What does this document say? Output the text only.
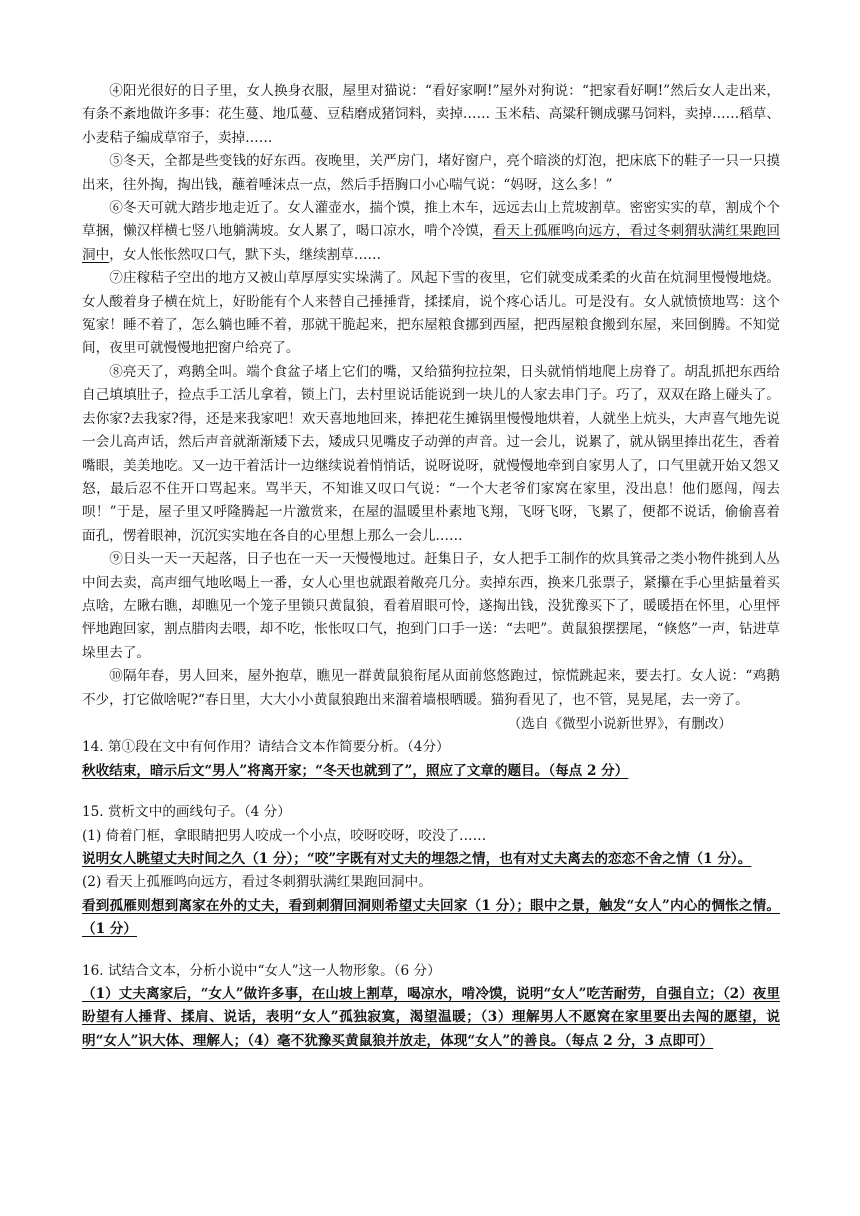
④阳光很好的日子里，女人换身衣服，屋里对猫说：“看好家啊!”屋外对狗说：“把家看好啊!”然后女人走出来，有条不紊地做许多事：花生蔓、地瓜蔓、豆秸磨成猪饲料，卖掉…… 玉米秸、高粱秆铡成骡马饲料，卖掉……稻草、小麦秸子编成草帘子，卖掉……

⑤冬天，全都是些变钱的好东西。夜晚里，关严房门，堵好窗户，亮个暗淡的灯泡，把床底下的鞋子一只一只摸出来，往外掏，掏出钱，蘸着唾沫点一点，然后手捂胸口小心喘气说：“妈呀，这么多！”

⑥冬天可就大踏步地走近了。女人灌壶水，揣个馍，推上木车，远远去山上荒坡割草。密密实实的草，割成个个草捆，懒汉样横七竖八地躺满坡。女人累了，喝口凉水，啃个冷馍，看天上孤雁鸣向远方，看过冬刺猬驮满红果跑回洞中，女人怅怅然叹口气，默下头，继续割草……

⑦庄稼秸子空出的地方又被山草厚厚实实垛满了。风起下雪的夜里，它们就变成柔柔的火苗在炕洞里慢慢地烧。女人酸着身子横在炕上，好盼能有个人来替自己捶捶背，揉揉肩，说个疼心话儿。可是没有。女人就愤愤地骂：这个冤家！睡不着了，怎么躺也睡不着，那就干脆起来，把东屋粮食挪到西屋，把西屋粮食搬到东屋，来回倒腾。不知觉间，夜里可就慢慢地把窗户给亮了。

⑧亮天了，鸡鹅全叫。端个食盆子堵上它们的嘴，又给猫狗拉拉架，日头就悄悄地爬上房脊了。胡乱抓把东西给自己填填肚子，捡点手工活儿拿着，锁上门，去村里说话能说到一块儿的人家去串门子。巧了，双双在路上碰头了。去你家?去我家?得，还是来我家吧！欢天喜地地回来，捧把花生摊锅里慢慢地烘着，人就坐上炕头，大声喜气地先说一会儿高声话，然后声音就渐渐矮下去，矮成只见嘴皮子动弹的声音。过一会儿，说累了，就从锅里捧出花生，香着嘴眼，美美地吃。又一边干着活计一边继续说着悄悄话，说呀说呀，就慢慢地牵到自家男人了，口气里就开始又怨又怒，最后忍不住开口骂起来。骂半天，不知谁又叹口气说：“一个大老爷们家窝在家里，没出息！他们愿闯，闯去呗！”于是，屋子里又呼隆腾起一片激赏来，在屋的温暖里朴素地飞翔，飞呀飞呀，飞累了，便都不说话，偷偷喜着面孔，愣着眼神，沉沉实实地在各自的心里想上那么一会儿……

⑨日头一天一天起落，日子也在一天一天慢慢地过。赶集日子，女人把手工制作的炊具箕帚之类小物件挑到人丛中间去卖，高声细气地吆喝上一番，女人心里也就跟着敞亮几分。卖掉东西，换来几张票子，紧攥在手心里掂量着买点啥，左瞅右瞧，却瞧见一个笼子里锁只黄鼠狼，看着眉眼可怜，遂掏出钱，没犹豫买下了，暖暖捂在怀里，心里怦怦地跑回家，割点腊肉去喂，却不吃，怅怅叹口气，抱到门口手一送：“去吧”。黄鼠狼摆摆尾，“倏悠”一声，钻进草垛里去了。

⑩隔年春，男人回来，屋外抱草，瞧见一群黄鼠狼衔尾从面前悠悠跑过，惊慌跳起来，要去打。女人说：“鸡鹅不少，打它做啥呢?“春日里，大大小小黄鼠狼跑出来溜着墙根晒暖。猫狗看见了，也不管，晃晃尾，去一旁了。

（选自《微型小说新世界》，有删改）

14. 第①段在文中有何作用？请结合文本作简要分析。（4分）

秋收结束，暗示后文“男人”将离开家；“冬天也就到了”，照应了文章的题目。（每点 2 分）

15. 赏析文中的画线句子。（4 分）

(1) 倚着门框，拿眼睛把男人咬成一个小点，咬呀咬呀，咬没了……

说明女人眺望丈夫时间之久（1 分）；“咬”字既有对丈夫的埋怨之情，也有对丈夫离去的恋恋不舍之情（1 分）。

(2) 看天上孤雁鸣向远方，看过冬刺猬驮满红果跑回洞中。

看到孤雁则想到离家在外的丈夫，看到刺猬回洞则希望丈夫回家（1 分）；眼中之景，触发“女人”内心的惆怅之情。（1 分）

16. 试结合文本，分析小说中“女人”这一人物形象。（6 分）

（1）丈夫离家后，“女人”做许多事，在山坡上割草，喝凉水，啃冷馍，说明“女人”吃苦耐劳，自强自立；（2）夜里盼望有人捶背、揉肩、说话，表明“女人”孤独寂寞，渴望温暖；（3）理解男人不愿窝在家里要出去闯的愿望，说明“女人”识大体、理解人；（4）毫不犹豫买黄鼠狼并放走，体现“女人”的善良。（每点 2 分，3 点即可）
